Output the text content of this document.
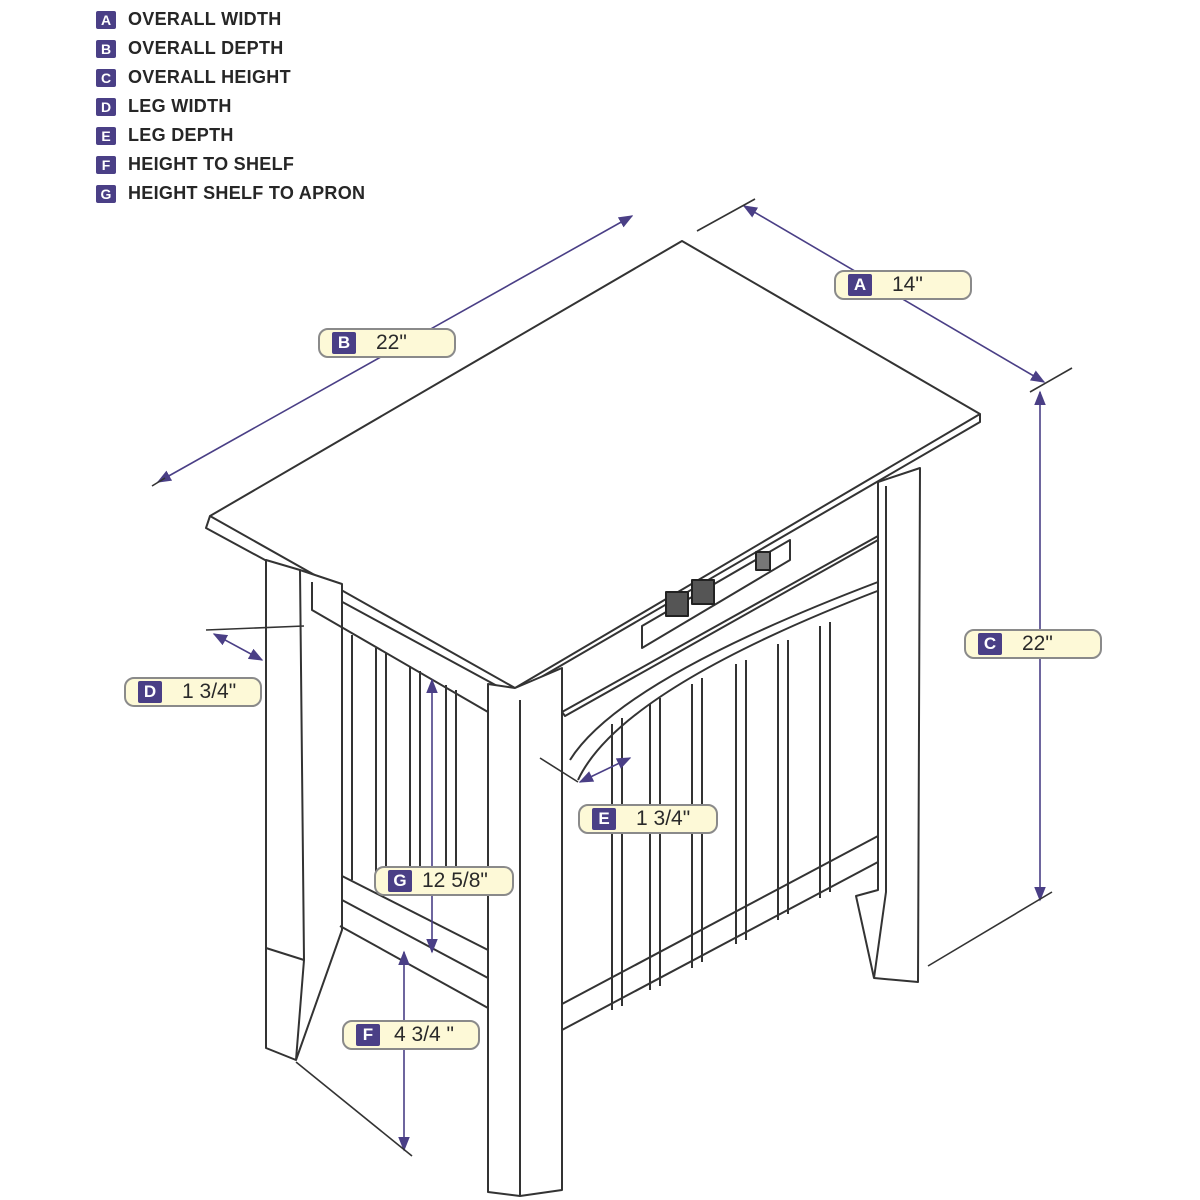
A OVERALL WIDTH
B OVERALL DEPTH
C OVERALL HEIGHT
D LEG WIDTH
E LEG DEPTH
F HEIGHT TO SHELF
G HEIGHT SHELF TO APRON
A 14"
B 22"
C 22"
D 1 3/4"
E	1 3/4"
G 12 5/8"
F 4 3/4 "
